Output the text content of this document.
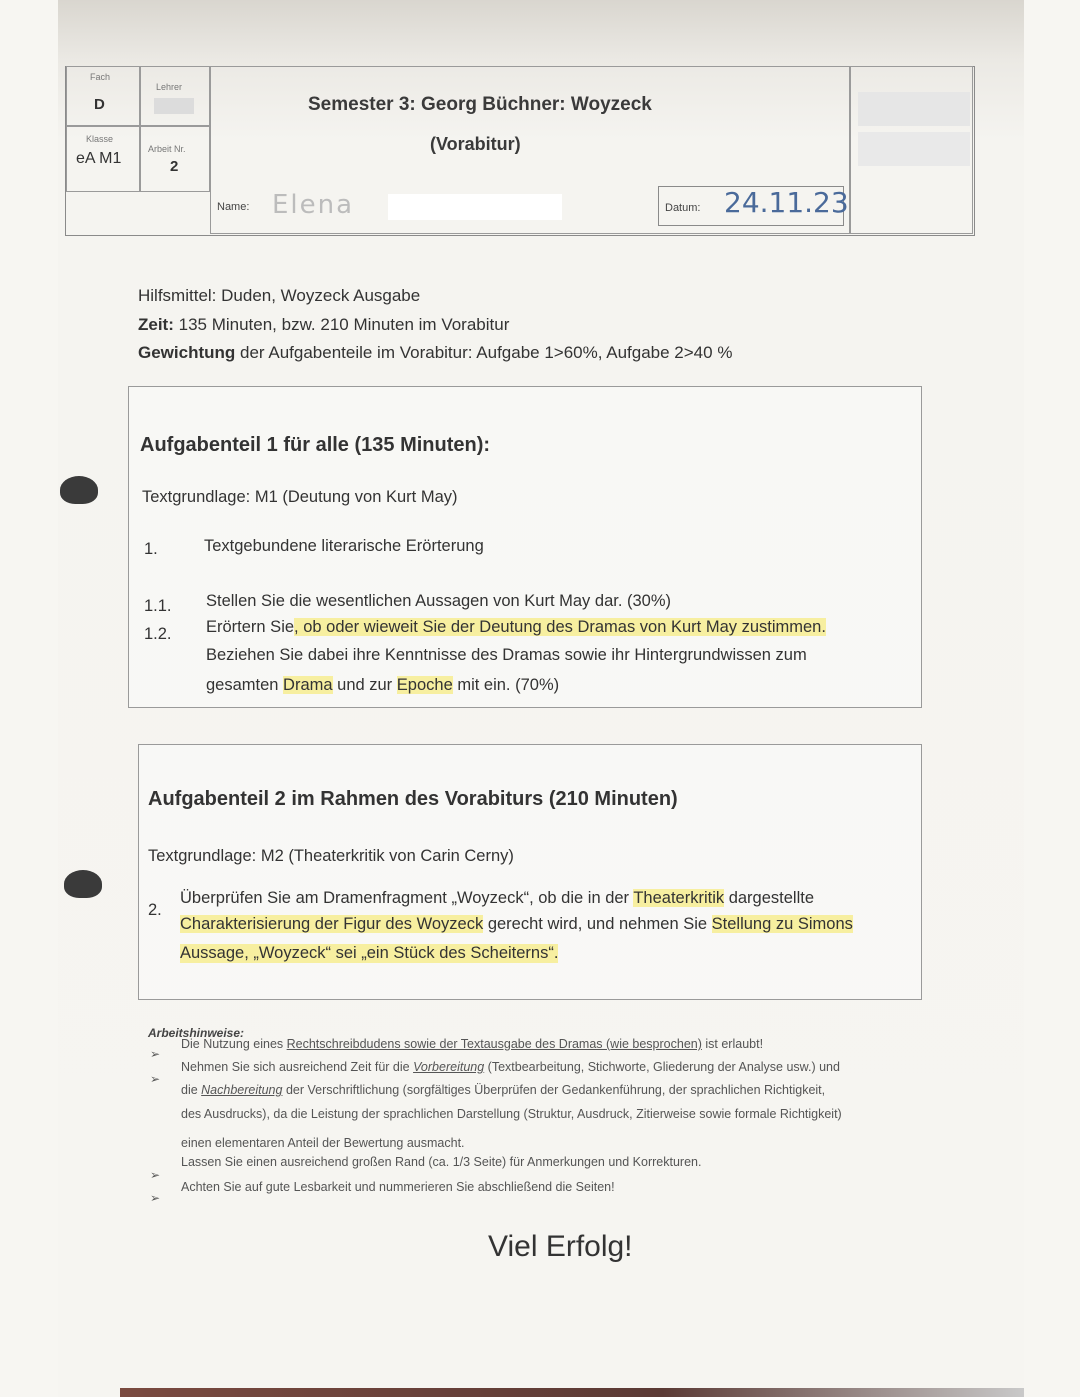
Fach
D
Lehrer
Klasse
eA M1
Arbeit Nr.
2
Semester 3: Georg Büchner: Woyzeck
(Vorabitur)
Name: Elena	Datum: 24.11.23
Hilfsmittel: Duden, Woyzeck Ausgabe
Zeit: 135 Minuten, bzw. 210 Minuten im Vorabitur
Gewichtung der Aufgabenteile im Vorabitur: Aufgabe 1>60%, Aufgabe 2>40 %
Aufgabenteil 1 für alle (135 Minuten):
Textgrundlage: M1 (Deutung von Kurt May)
1.	Textgebundene literarische Erörterung
1.1. Stellen Sie die wesentlichen Aussagen von Kurt May dar. (30%)
1.2. Erörtern Sie, ob oder wieweit Sie der Deutung des Dramas von Kurt May zustimmen.
Beziehen Sie dabei ihre Kenntnisse des Dramas sowie ihr Hintergrundwissen zum
gesamten Drama und zur Epoche mit ein. (70%)
Aufgabenteil 2 im Rahmen des Vorabiturs (210 Minuten)
Textgrundlage: M2 (Theaterkritik von Carin Cerny)
2.
Überprüfen Sie am Dramenfragment „Woyzeck“, ob die in der Theaterkritik dargestellte
Charakterisierung der Figur des Woyzeck gerecht wird, und nehmen Sie Stellung zu Simons
Aussage, „Woyzeck“ sei „ein Stück des Scheiterns“.
Arbeitshinweise:
➢
Die Nutzung eines Rechtschreibdudens sowie der Textausgabe des Dramas (wie besprochen) ist erlaubt!
➢
Nehmen Sie sich ausreichend Zeit für die Vorbereitung (Textbearbeitung, Stichworte, Gliederung der Analyse usw.) und
die Nachbereitung der Verschriftlichung (sorgfältiges Überprüfen der Gedankenführung, der sprachlichen Richtigkeit,
des Ausdrucks), da die Leistung der sprachlichen Darstellung (Struktur, Ausdruck, Zitierweise sowie formale Richtigkeit)
einen elementaren Anteil der Bewertung ausmacht.
➢
Lassen Sie einen ausreichend großen Rand (ca. 1/3 Seite) für Anmerkungen und Korrekturen.
➢
Achten Sie auf gute Lesbarkeit und nummerieren Sie abschließend die Seiten!
Viel Erfolg!
